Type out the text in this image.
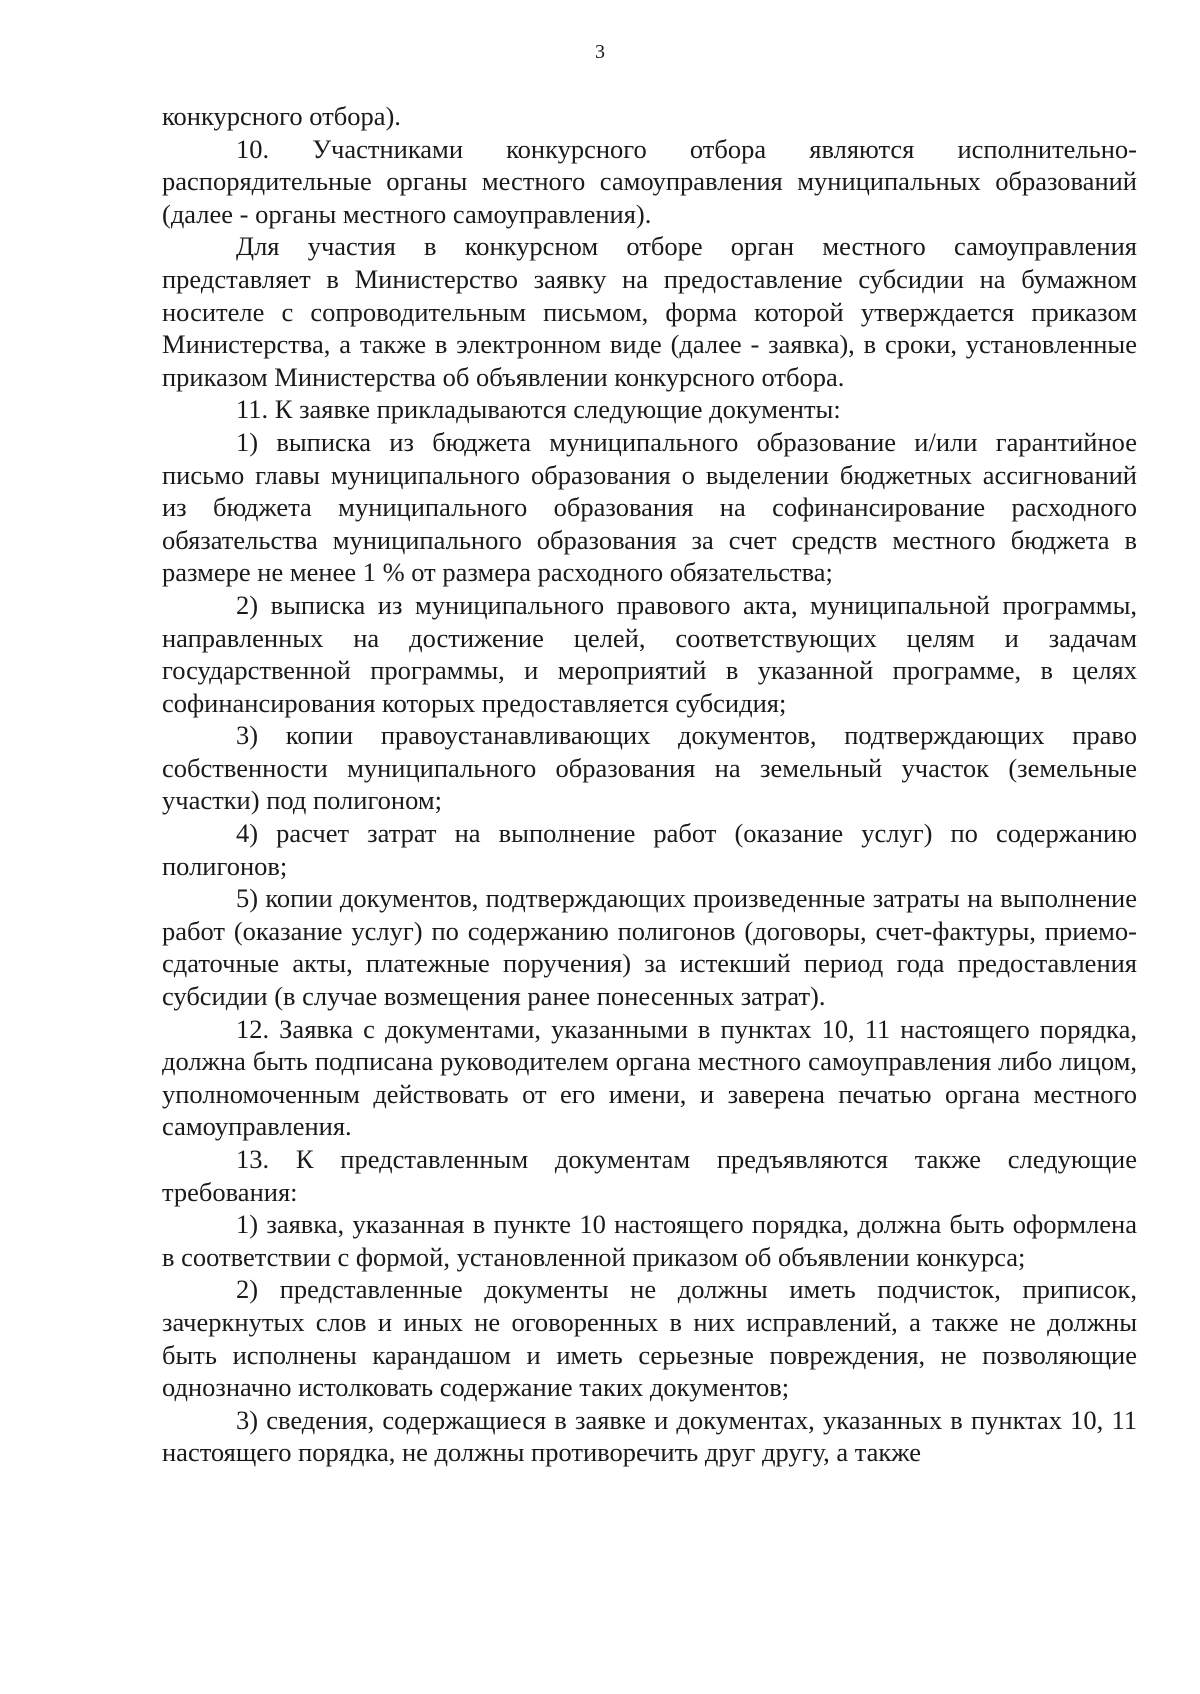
3

конкурсного отбора).

10. Участниками конкурсного отбора являются исполнительно-распорядительные органы местного самоуправления муниципальных образований (далее - органы местного самоуправления).

Для участия в конкурсном отборе орган местного самоуправления представляет в Министерство заявку на предоставление субсидии на бумажном носителе с сопроводительным письмом, форма которой утверждается приказом Министерства, а также в электронном виде (далее - заявка), в сроки, установленные приказом Министерства об объявлении конкурсного отбора.

11. К заявке прикладываются следующие документы:

1) выписка из бюджета муниципального образование и/или гарантийное письмо главы муниципального образования о выделении бюджетных ассигнований из бюджета муниципального образования на софинансирование расходного обязательства муниципального образования за счет средств местного бюджета в размере не менее 1 % от размера расходного обязательства;

2) выписка из муниципального правового акта, муниципальной программы, направленных на достижение целей, соответствующих целям и задачам государственной программы, и мероприятий в указанной программе, в целях софинансирования которых предоставляется субсидия;

3) копии правоустанавливающих документов, подтверждающих право собственности муниципального образования на земельный участок (земельные участки) под полигоном;

4) расчет затрат на выполнение работ (оказание услуг) по содержанию полигонов;

5) копии документов, подтверждающих произведенные затраты на выполнение работ (оказание услуг) по содержанию полигонов (договоры, счет-фактуры, приемо-сдаточные акты, платежные поручения) за истекший период года предоставления субсидии (в случае возмещения ранее понесенных затрат).

12. Заявка с документами, указанными в пунктах 10, 11 настоящего порядка, должна быть подписана руководителем органа местного самоуправления либо лицом, уполномоченным действовать от его имени, и заверена печатью органа местного самоуправления.

13. К представленным документам предъявляются также следующие требования:

1) заявка, указанная в пункте 10 настоящего порядка, должна быть оформлена в соответствии с формой, установленной приказом об объявлении конкурса;

2) представленные документы не должны иметь подчисток, приписок, зачеркнутых слов и иных не оговоренных в них исправлений, а также не должны быть исполнены карандашом и иметь серьезные повреждения, не позволяющие однозначно истолковать содержание таких документов;

3) сведения, содержащиеся в заявке и документах, указанных в пунктах 10, 11 настоящего порядка, не должны противоречить друг другу, а также
